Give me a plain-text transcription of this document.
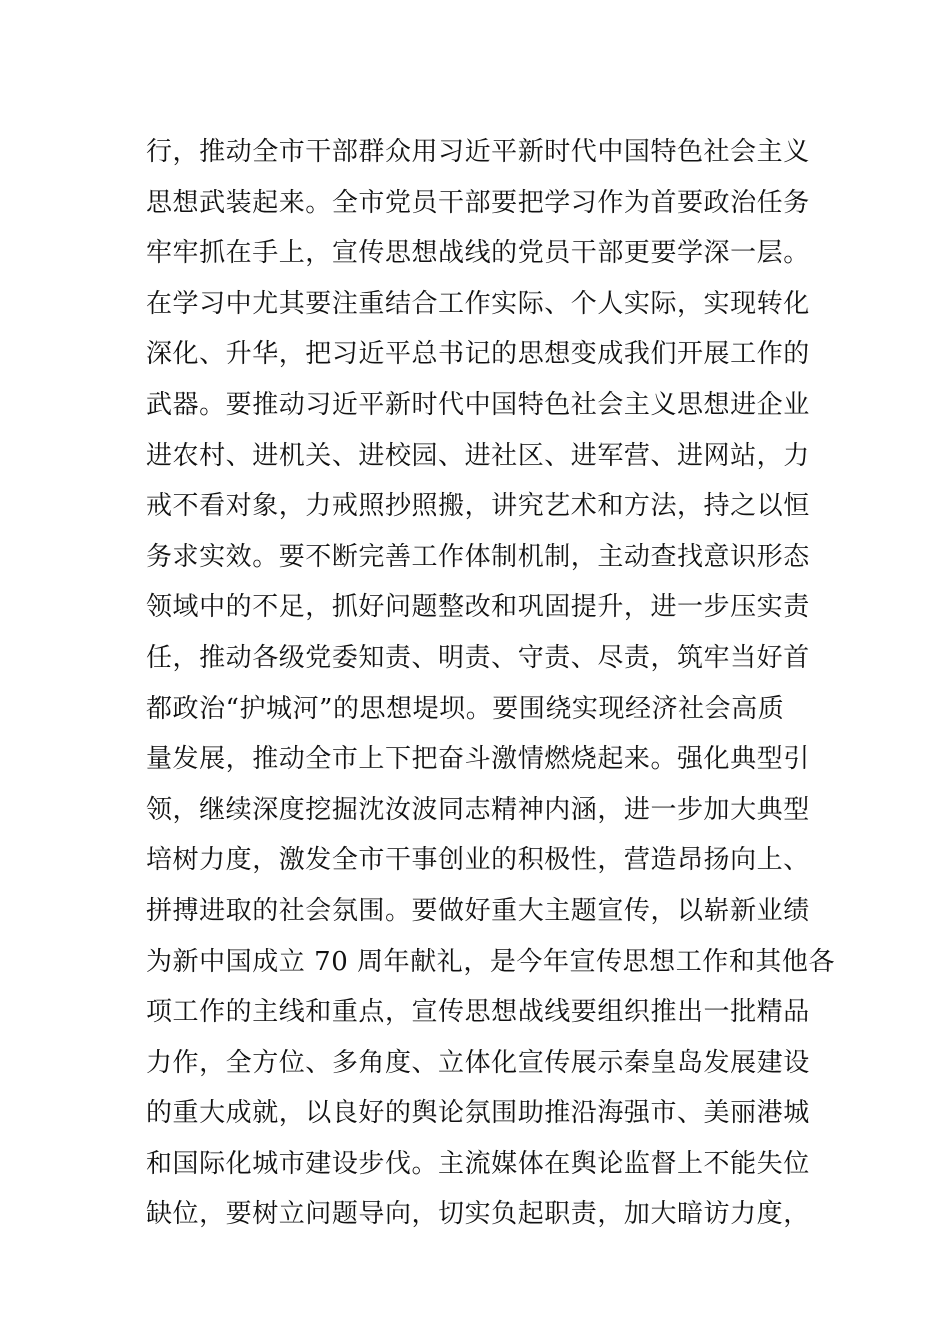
行，推动全市干部群众用习近平新时代中国特色社会主义
思想武装起来。全市党员干部要把学习作为首要政治任务
牢牢抓在手上，宣传思想战线的党员干部更要学深一层。
在学习中尤其要注重结合工作实际、个人实际，实现转化
深化、升华，把习近平总书记的思想变成我们开展工作的
武器。要推动习近平新时代中国特色社会主义思想进企业
进农村、进机关、进校园、进社区、进军营、进网站，力
戒不看对象，力戒照抄照搬，讲究艺术和方法，持之以恒
务求实效。要不断完善工作体制机制，主动查找意识形态
领域中的不足，抓好问题整改和巩固提升，进一步压实责
任，推动各级党委知责、明责、守责、尽责，筑牢当好首
都政治“护城河”的思想堤坝。要围绕实现经济社会高质
量发展，推动全市上下把奋斗激情燃烧起来。强化典型引
领，继续深度挖掘沈汝波同志精神内涵，进一步加大典型
培树力度，激发全市干事创业的积极性，营造昂扬向上、
拼搏进取的社会氛围。要做好重大主题宣传，以崭新业绩
为新中国成立 70 周年献礼，是今年宣传思想工作和其他各
项工作的主线和重点，宣传思想战线要组织推出一批精品
力作，全方位、多角度、立体化宣传展示秦皇岛发展建设
的重大成就，以良好的舆论氛围助推沿海强市、美丽港城
和国际化城市建设步伐。主流媒体在舆论监督上不能失位
缺位，要树立问题导向，切实负起职责，加大暗访力度，
